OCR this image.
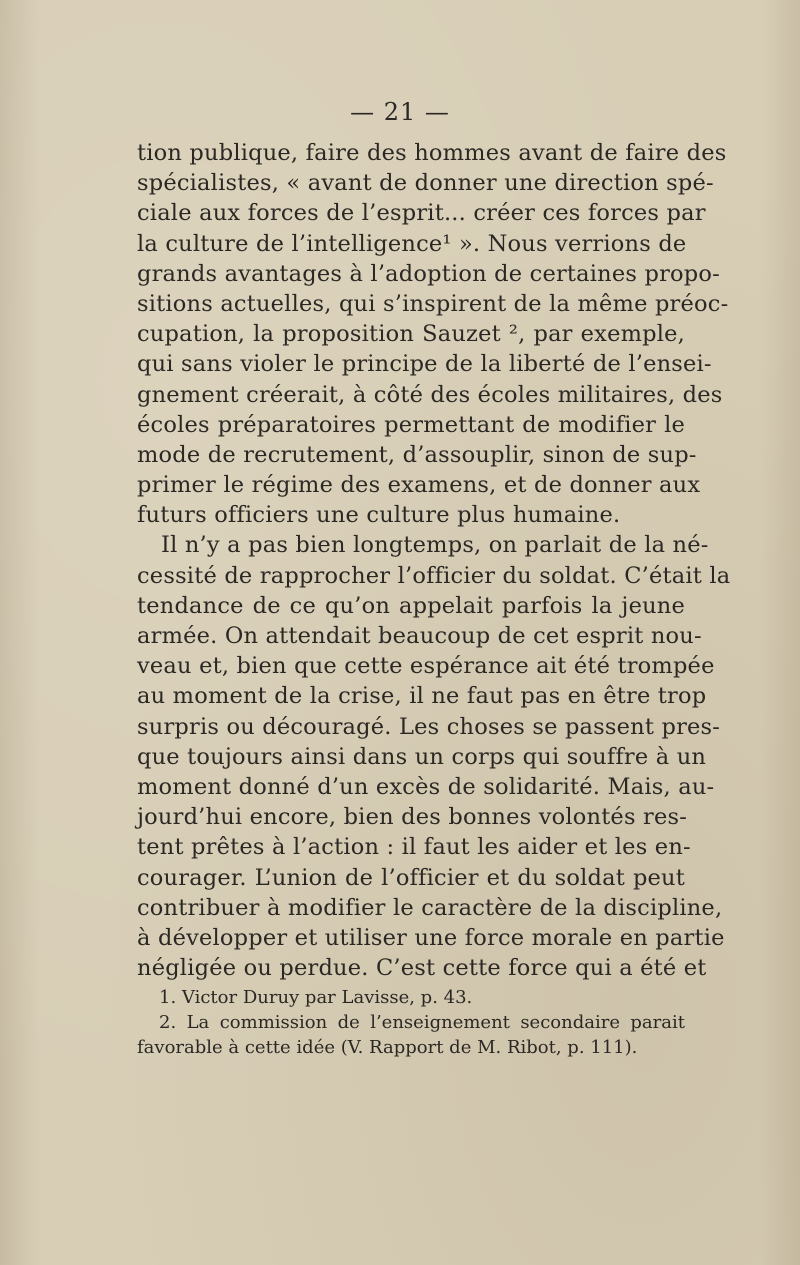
— 21 —
tion publique, faire des hommes avant de faire des
spécialistes, « avant de donner une direction spé-
ciale aux forces de l’esprit... créer ces forces par
la culture de l’intelligence¹ ». Nous verrions de
grands avantages à l’adoption de certaines propo-
sitions actuelles, qui s’inspirent de la même préoc-
cupation, la proposition Sauzet ², par exemple,
qui sans violer le principe de la liberté de l’ensei-
gnement créerait, à côté des écoles militaires, des
écoles préparatoires permettant de modifier le
mode de recrutement, d’assouplir, sinon de sup-
primer le régime des examens, et de donner aux
futurs officiers une culture plus humaine.
Il n’y a pas bien longtemps, on parlait de la né-
cessité de rapprocher l’officier du soldat. C’était la
tendance de ce qu’on appelait parfois la jeune
armée. On attendait beaucoup de cet esprit nou-
veau et, bien que cette espérance ait été trompée
au moment de la crise, il ne faut pas en être trop
surpris ou découragé. Les choses se passent pres-
que toujours ainsi dans un corps qui souffre à un
moment donné d’un excès de solidarité. Mais, au-
jourd’hui encore, bien des bonnes volontés res-
tent prêtes à l’action : il faut les aider et les en-
courager. L’union de l’officier et du soldat peut
contribuer à modifier le caractère de la discipline,
à développer et utiliser une force morale en partie
négligée ou perdue. C’est cette force qui a été et
1. Victor Duruy par Lavisse, p. 43.
2. La commission de l’enseignement secondaire parait
favorable à cette idée (V. Rapport de M. Ribot, p. 111).
